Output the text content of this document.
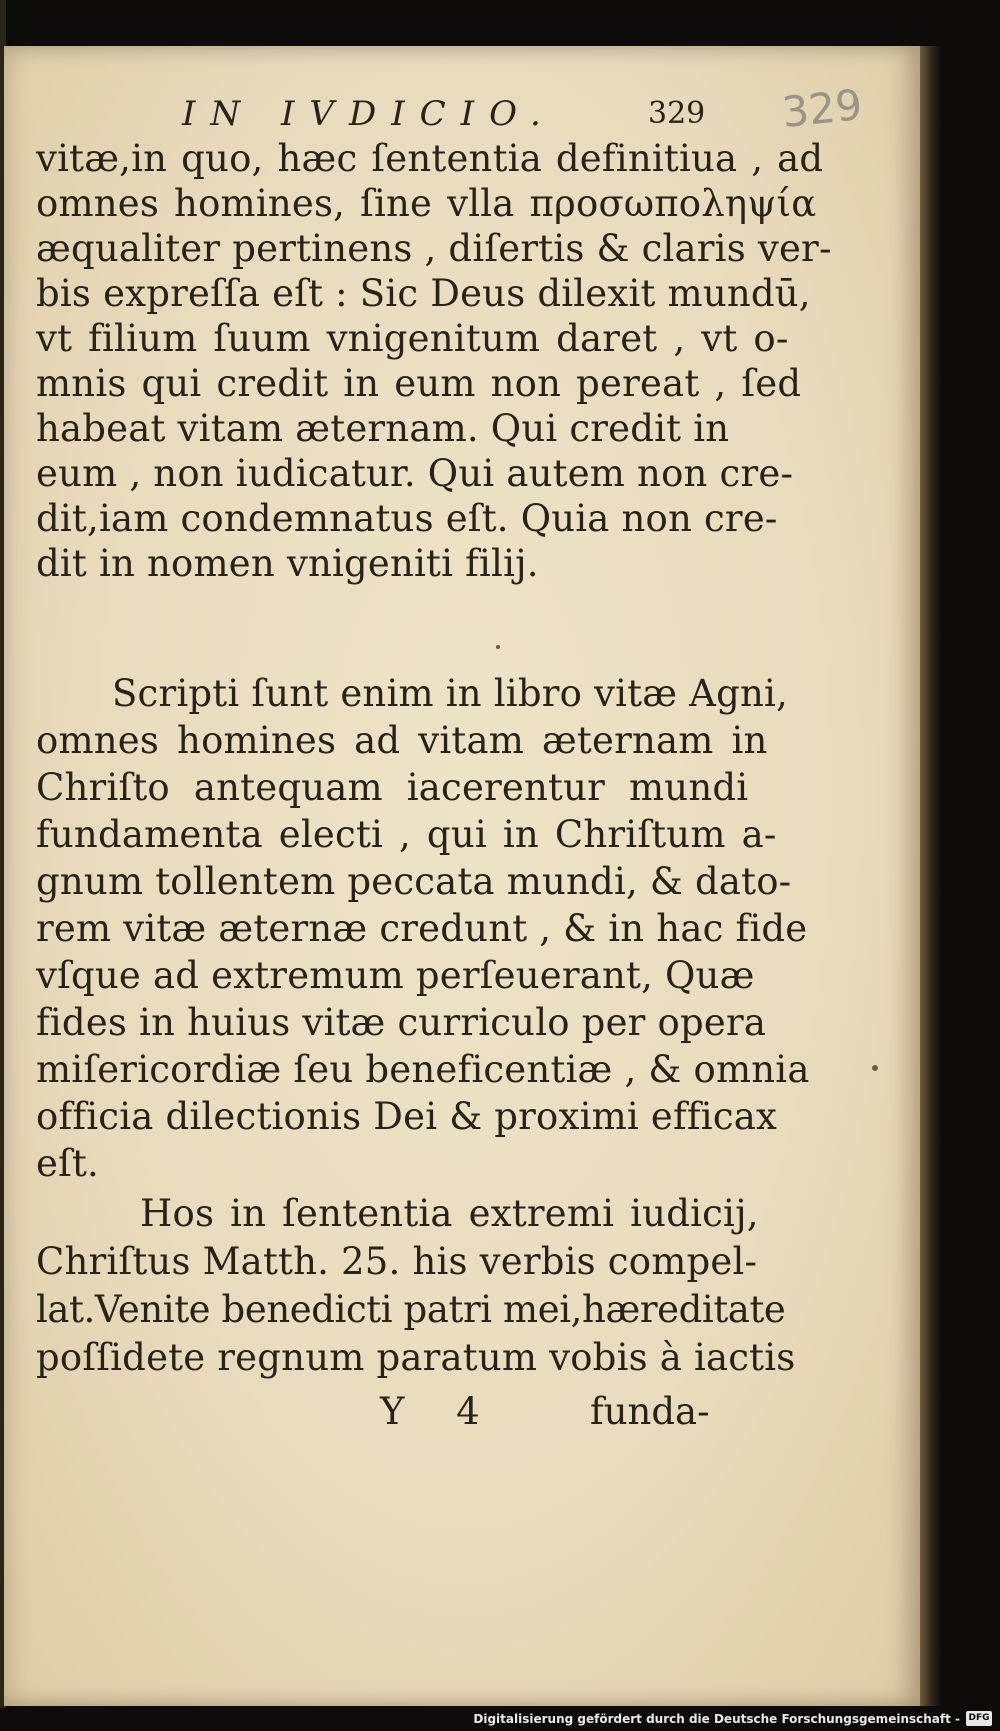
IN IVDICIO.	329 329
vitæ,in quo, hæc ſententia definitiua , ad
omnes homines, ſine vlla προσωποληψία
æqualiter pertinens , diſertis & claris ver-
bis expreſſa eſt : Sic Deus dilexit mundū,
vt filium ſuum vnigenitum daret , vt o-
mnis qui credit in eum non pereat , ſed
habeat vitam æternam. Qui credit in
eum , non iudicatur. Qui autem non cre-
dit,iam condemnatus eſt. Quia non cre-
dit in nomen vnigeniti filij.
Scripti ſunt enim in libro vitæ Agni,
omnes homines ad vitam æternam in
Chriſto antequam iacerentur mundi
fundamenta electi , qui in Chriſtum a-
gnum tollentem peccata mundi, & dato-
rem vitæ æternæ credunt , & in hac fide
vſque ad extremum perſeuerant, Quæ
fides in huius vitæ curriculo per opera
miſericordiæ ſeu beneficentiæ , & omnia
officia dilectionis Dei & proximi efficax
eſt.
Hos in ſententia extremi iudicij,
Chriſtus Matth. 25. his verbis compel-
lat.Venite benedicti patri mei,hæreditate
poſſidete regnum paratum vobis à iactis
Y 4	funda-
Digitalisierung gefördert durch die Deutsche Forschungsgemeinschaft - DFG
